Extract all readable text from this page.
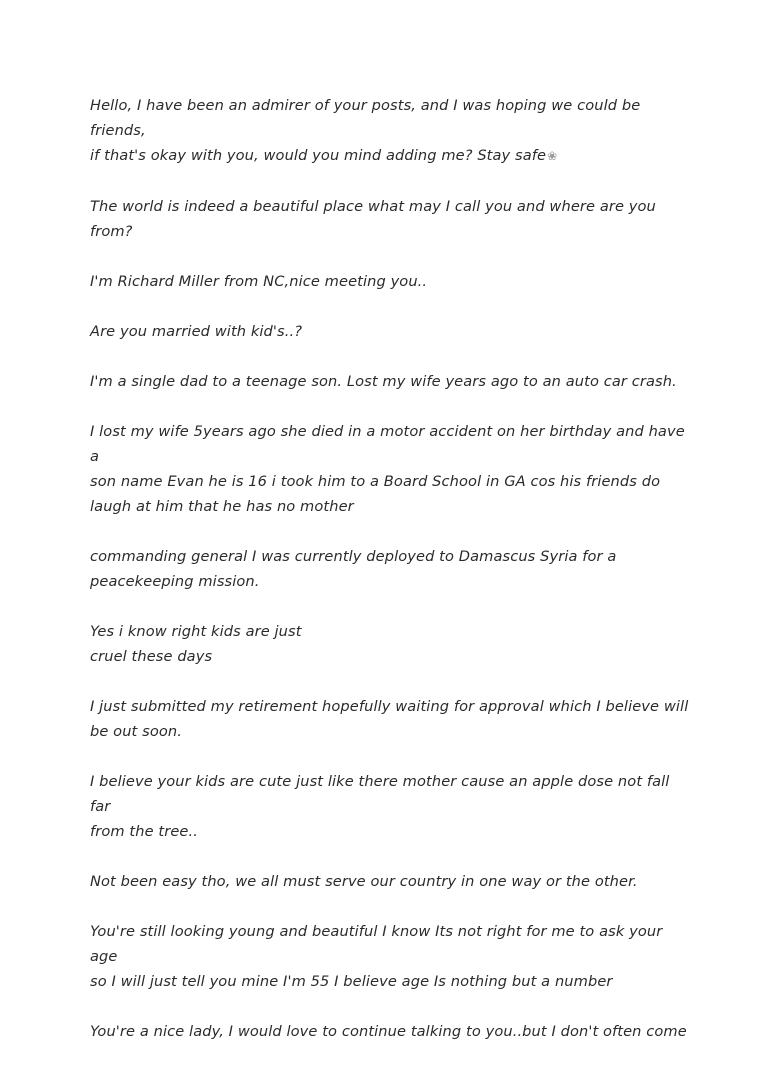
Hello, I have been an admirer of your posts, and I was hoping we could be friends,
if that's okay with you, would you mind adding me? Stay safe❀

The world is indeed a beautiful place what may I call you and where are you from?

I'm Richard Miller from NC,nice meeting you..

Are you married with kid's..?

I'm a single dad to a teenage son. Lost my wife years ago to an auto car crash.

I lost my wife 5years ago she died in a motor accident on her birthday and have a
son name Evan he is 16 i took him to a Board School in GA cos his friends do
laugh at him that he has no mother

commanding general I was currently deployed to Damascus Syria for a
peacekeeping mission.

Yes i know right kids are just
cruel these days

I just submitted my retirement hopefully waiting for approval which I believe will
be out soon.

I believe your kids are cute just like there mother cause an apple dose not fall far
from the tree..

Not been easy tho, we all must serve our country in one way or the other.

You're still looking young and beautiful I know Its not right for me to ask your age
so I will just tell you mine I'm 55 I believe age Is nothing but a number

You're a nice lady, I would love to continue talking to you..but I don't often come
